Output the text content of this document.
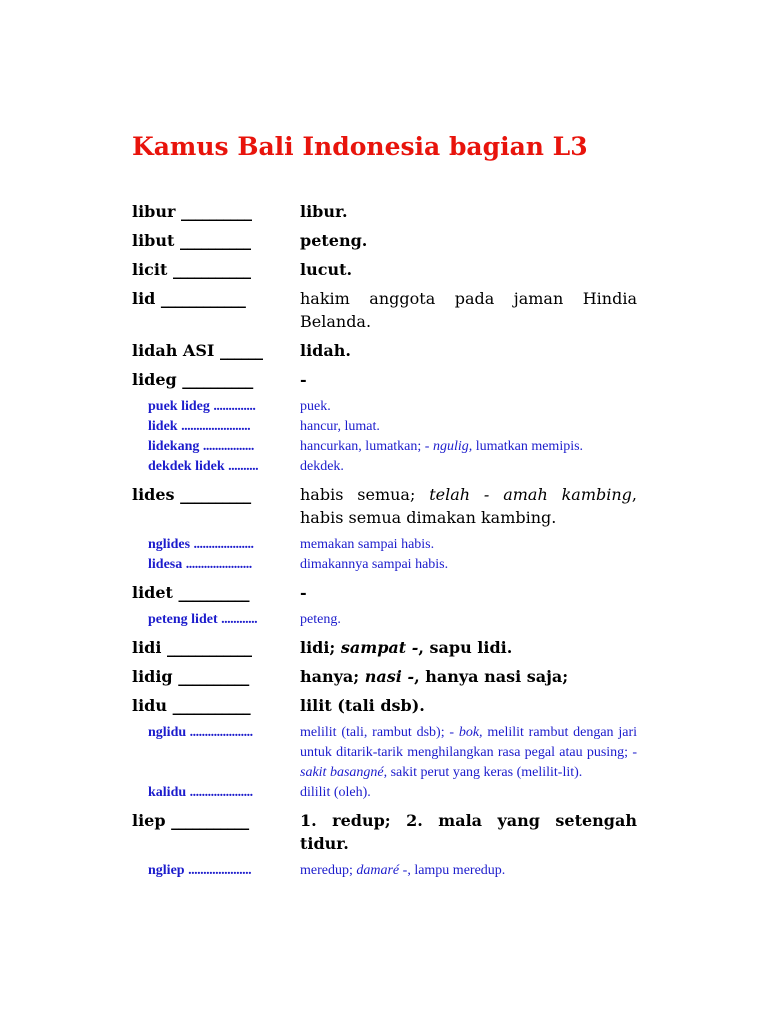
Kamus Bali Indonesia bagian L3
libur __________	libur.
libut __________	peteng.
licit ___________	lucut.
lid ____________	hakim anggota pada jaman Hindia Belanda.
lidah ASI ______	lidah.
lideg __________	-
puek lideg ..............	puek.
lidek .......................	hancur, lumat.
lidekang .................	hancurkan, lumatkan; - ngulig, lumatkan memipis.
dekdek lidek ..........	dekdek.
lides __________	habis semua; telah - amah kambing, habis semua dimakan kambing.
nglides ....................	memakan sampai habis.
lidesa ......................	dimakannya sampai habis.
lidet __________	-
peteng lidet ............	peteng.
lidi ____________	lidi; sampat -, sapu lidi.
lidig __________	hanya; nasi -, hanya nasi saja;
lidu ___________	lilit (tali dsb).
nglidu .....................	melilit (tali, rambut dsb); - bok, melilit rambut dengan jari untuk ditarik-tarik menghilangkan rasa pegal atau pusing; - sakit basangné, sakit perut yang keras (melilit-lit).
kalidu .....................	dililit (oleh).
liep ___________	1. redup; 2. mala yang setengah tidur.
ngliep .....................	meredup; damaré -, lampu meredup.
